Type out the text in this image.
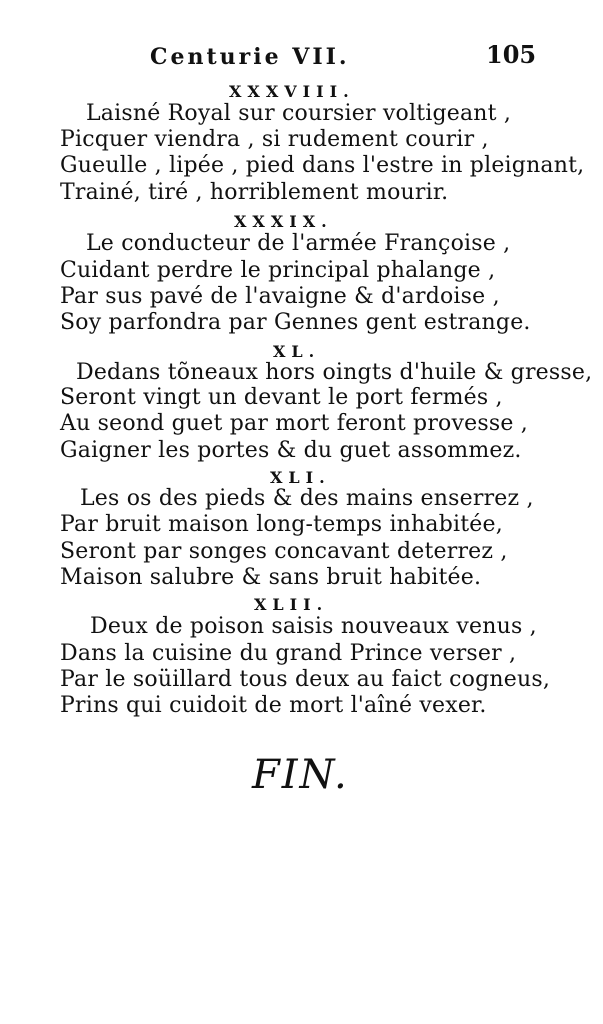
Centurie VII.	105
XXXVIII.
Laisné Royal sur coursier voltigeant ,
Picquer viendra , si rudement courir ,
Gueulle , lipée , pied dans l'estre in pleignant,
Trainé, tiré , horriblement mourir.
XXXIX.
Le conducteur de l'armée Françoise ,
Cuidant perdre le principal phalange ,
Par sus pavé de l'avaigne & d'ardoise ,
Soy parfondra par Gennes gent estrange.
XL.
Dedans tõneaux hors oingts d'huile & gresse,
Seront vingt un devant le port fermés ,
Au seond guet par mort feront provesse ,
Gaigner les portes & du guet assommez.
XLI.
Les os des pieds & des mains enserrez ,
Par bruit maison long-temps inhabitée,
Seront par songes concavant deterrez ,
Maison salubre & sans bruit habitée.
XLII.
Deux de poison saisis nouveaux venus ,
Dans la cuisine du grand Prince verser ,
Par le soüillard tous deux au faict cogneus,
Prins qui cuidoit de mort l'aîné vexer.
FIN.
